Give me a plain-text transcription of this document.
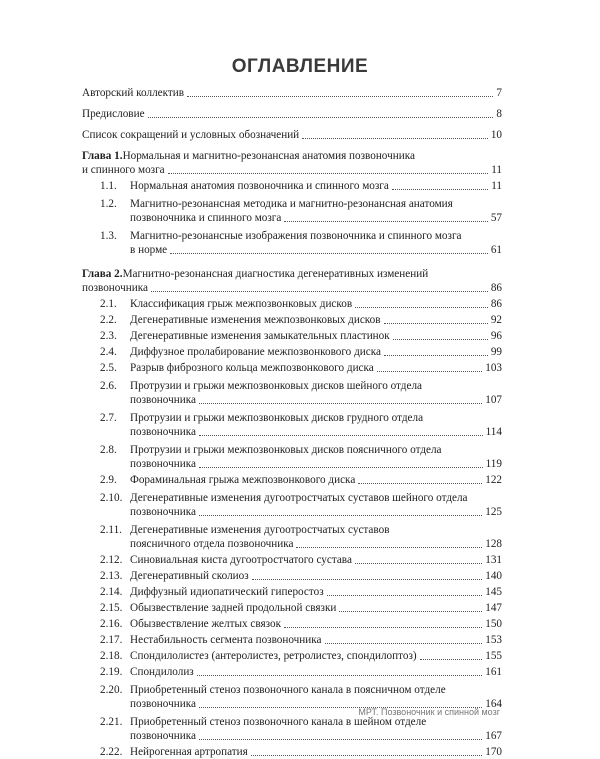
ОГЛАВЛЕНИЕ
Авторский коллектив	7
Предисловие	8
Список сокращений и условных обозначений	10
Глава 1. Нормальная и магнитно-резонансная анатомия позвоночника
и спинного мозга	11
1.1.	Нормальная анатомия позвоночника и спинного мозга	11
1.2.	Магнитно-резонансная методика и магнитно-резонансная анатомия
позвоночника и спинного мозга	57
1.3.	Магнитно-резонансные изображения позвоночника и спинного мозга
в норме	61
Глава 2. Магнитно-резонансная диагностика дегенеративных изменений
позвоночника	86
2.1.	Классификация грыж межпозвонковых дисков	86
2.2.	Дегенеративные изменения межпозвонковых дисков	92
2.3.	Дегенеративные изменения замыкательных пластинок	96
2.4.	Диффузное пролабирование межпозвонкового диска	99
2.5.	Разрыв фиброзного кольца межпозвонкового диска	103
2.6.	Протрузии и грыжи межпозвонковых дисков шейного отдела
позвоночника	107
2.7.	Протрузии и грыжи межпозвонковых дисков грудного отдела
позвоночника	114
2.8.	Протрузии и грыжи межпозвонковых дисков поясничного отдела
позвоночника	119
2.9.	Фораминальная грыжа межпозвонкового диска	122
2.10. Дегенеративные изменения дугоотростчатых суставов шейного отдела
позвоночника	125
2.11. Дегенеративные изменения дугоотростчатых суставов
поясничного отдела позвоночника	128
2.12. Синовиальная киста дугоотростчатого сустава	131
2.13. Дегенеративный сколиоз	140
2.14. Диффузный идиопатический гиперостоз	145
2.15. Обызвествление задней продольной связки	147
2.16. Обызвествление желтых связок	150
2.17. Нестабильность сегмента позвоночника	153
2.18. Спондилолистез (антеролистез, ретролистез, спондилоптоз)	155
2.19. Спондилолиз	161
2.20. Приобретенный стеноз позвоночного канала в поясничном отделе
позвоночника	164
2.21. Приобретенный стеноз позвоночного канала в шейном отделе
позвоночника	167
2.22. Нейрогенная артропатия	170
МРТ. Позвоночник и спинной мозг
